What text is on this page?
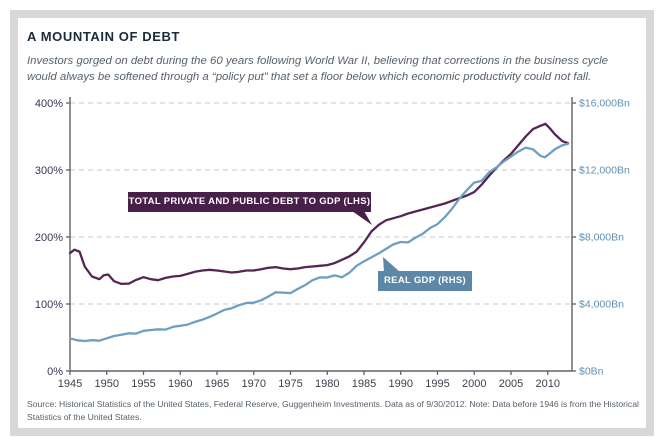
A MOUNTAIN OF DEBT
Investors gorged on debt during the 60 years following World War II, believing that corrections in the business cycle
would always be softened through a “policy put” that set a floor below which economic productivity could not fall.
400%
300%
200%
100%
0%
$16,000Bn
$12,000Bn
$8,000Bn
$4,000Bn
$0Bn
1945 1950 1955 1960 1965 1970 1975 1980 1985 1990 1995 2000 2005 2010
TOTAL PRIVATE AND PUBLIC DEBT TO GDP (LHS)
REAL GDP (RHS)
Source: Historical Statistics of the United States, Federal Reserve, Guggenheim Investments. Data as of 9/30/2012. Note: Data before 1946 is from the Historical
Statistics of the United States.
